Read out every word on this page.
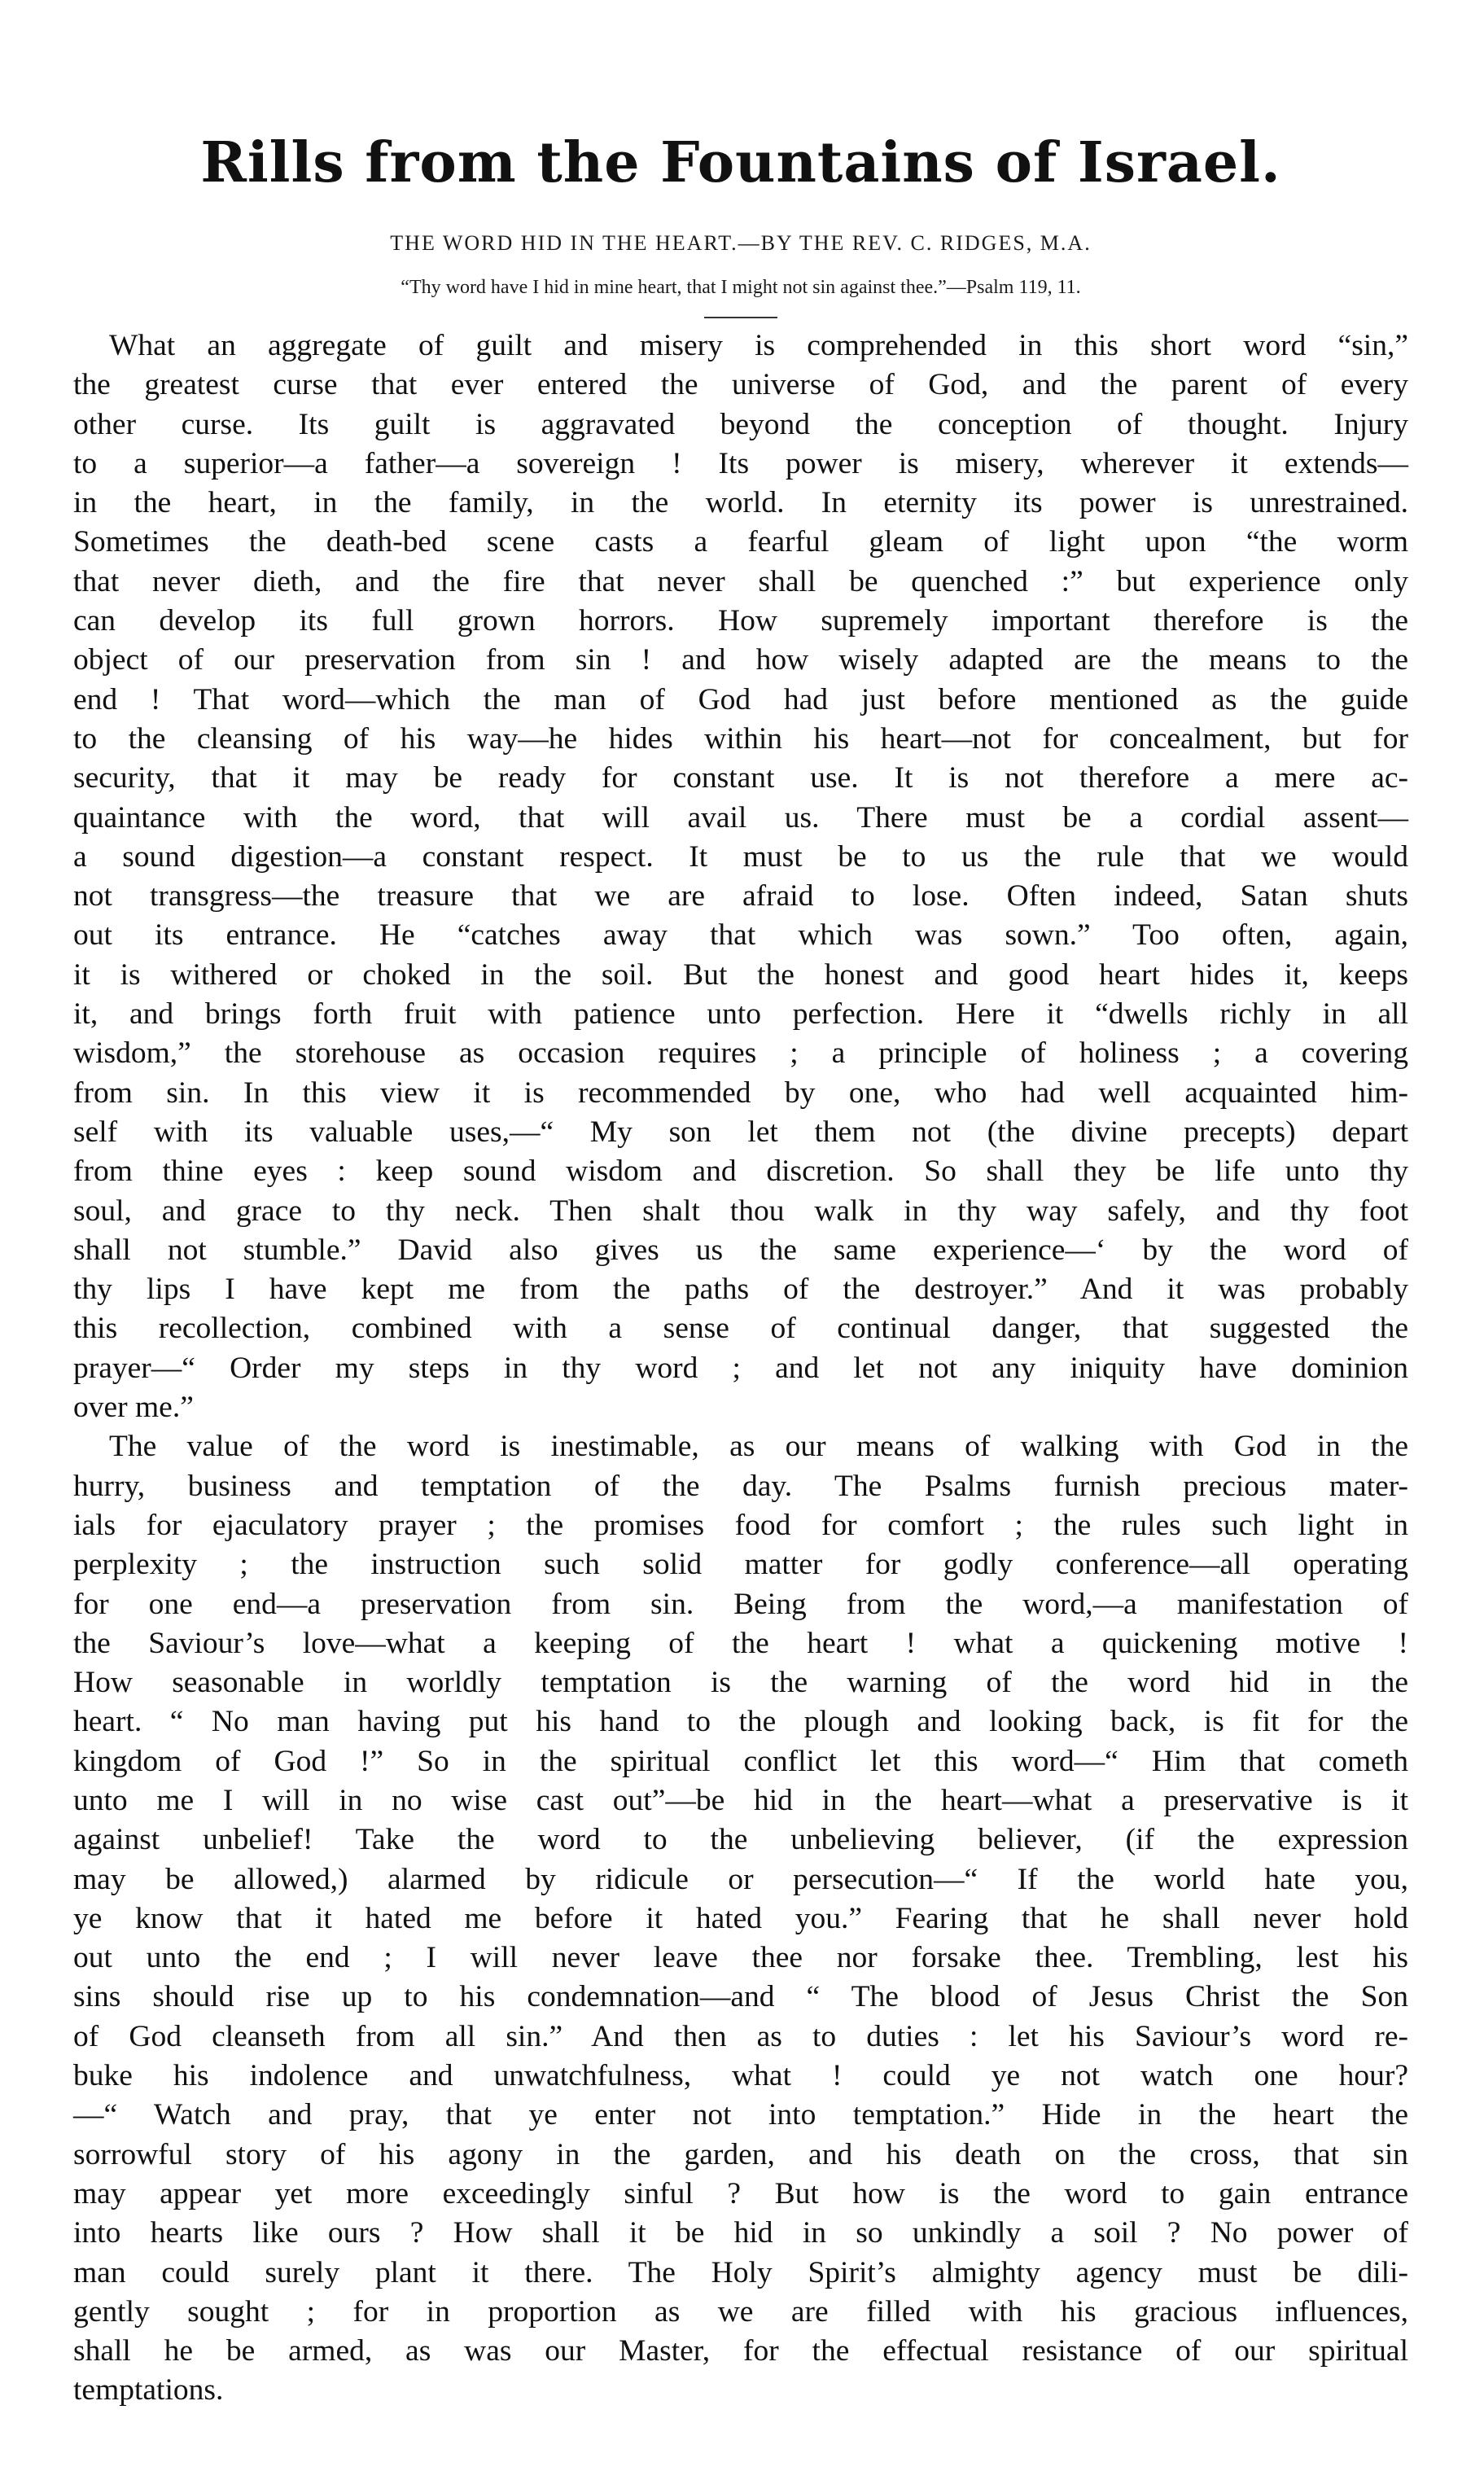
Rills from the Fountains of Israel.
THE WORD HID IN THE HEART.—BY THE REV. C. RIDGES, M.A.
“Thy word have I hid in mine heart, that I might not sin against thee.”—Psalm 119, 11.
What an aggregate of guilt and misery is comprehended in this short word “sin,”
the greatest curse that ever entered the universe of God, and the parent of every
other curse. Its guilt is aggravated beyond the conception of thought. Injury
to a superior—a father—a sovereign ! Its power is misery, wherever it extends—
in the heart, in the family, in the world. In eternity its power is unrestrained.
Sometimes the death-bed scene casts a fearful gleam of light upon “the worm
that never dieth, and the fire that never shall be quenched :” but experience only
can develop its full grown horrors. How supremely important therefore is the
object of our preservation from sin ! and how wisely adapted are the means to the
end ! That word—which the man of God had just before mentioned as the guide
to the cleansing of his way—he hides within his heart—not for concealment, but for
security, that it may be ready for constant use. It is not therefore a mere ac-
quaintance with the word, that will avail us. There must be a cordial assent—
a sound digestion—a constant respect. It must be to us the rule that we would
not transgress—the treasure that we are afraid to lose. Often indeed, Satan shuts
out its entrance. He “catches away that which was sown.” Too often, again,
it is withered or choked in the soil. But the honest and good heart hides it, keeps
it, and brings forth fruit with patience unto perfection. Here it “dwells richly in all
wisdom,” the storehouse as occasion requires ; a principle of holiness ; a covering
from sin. In this view it is recommended by one, who had well acquainted him-
self with its valuable uses,—“ My son let them not (the divine precepts) depart
from thine eyes : keep sound wisdom and discretion. So shall they be life unto thy
soul, and grace to thy neck. Then shalt thou walk in thy way safely, and thy foot
shall not stumble.” David also gives us the same experience—‘ by the word of
thy lips I have kept me from the paths of the destroyer.” And it was probably
this recollection, combined with a sense of continual danger, that suggested the
prayer—“ Order my steps in thy word ; and let not any iniquity have dominion
over me.”
The value of the word is inestimable, as our means of walking with God in the
hurry, business and temptation of the day. The Psalms furnish precious mater-
ials for ejaculatory prayer ; the promises food for comfort ; the rules such light in
perplexity ; the instruction such solid matter for godly conference—all operating
for one end—a preservation from sin. Being from the word,—a manifestation of
the Saviour’s love—what a keeping of the heart ! what a quickening motive !
How seasonable in worldly temptation is the warning of the word hid in the
heart. “ No man having put his hand to the plough and looking back, is fit for the
kingdom of God !” So in the spiritual conflict let this word—“ Him that cometh
unto me I will in no wise cast out”—be hid in the heart—what a preservative is it
against unbelief! Take the word to the unbelieving believer, (if the expression
may be allowed,) alarmed by ridicule or persecution—“ If the world hate you,
ye know that it hated me before it hated you.” Fearing that he shall never hold
out unto the end ; I will never leave thee nor forsake thee. Trembling, lest his
sins should rise up to his condemnation—and “ The blood of Jesus Christ the Son
of God cleanseth from all sin.” And then as to duties : let his Saviour’s word re-
buke his indolence and unwatchfulness, what ! could ye not watch one hour?
—“ Watch and pray, that ye enter not into temptation.” Hide in the heart the
sorrowful story of his agony in the garden, and his death on the cross, that sin
may appear yet more exceedingly sinful ? But how is the word to gain entrance
into hearts like ours ? How shall it be hid in so unkindly a soil ? No power of
man could surely plant it there. The Holy Spirit’s almighty agency must be dili-
gently sought ; for in proportion as we are filled with his gracious influences,
shall he be armed, as was our Master, for the effectual resistance of our spiritual
temptations.
